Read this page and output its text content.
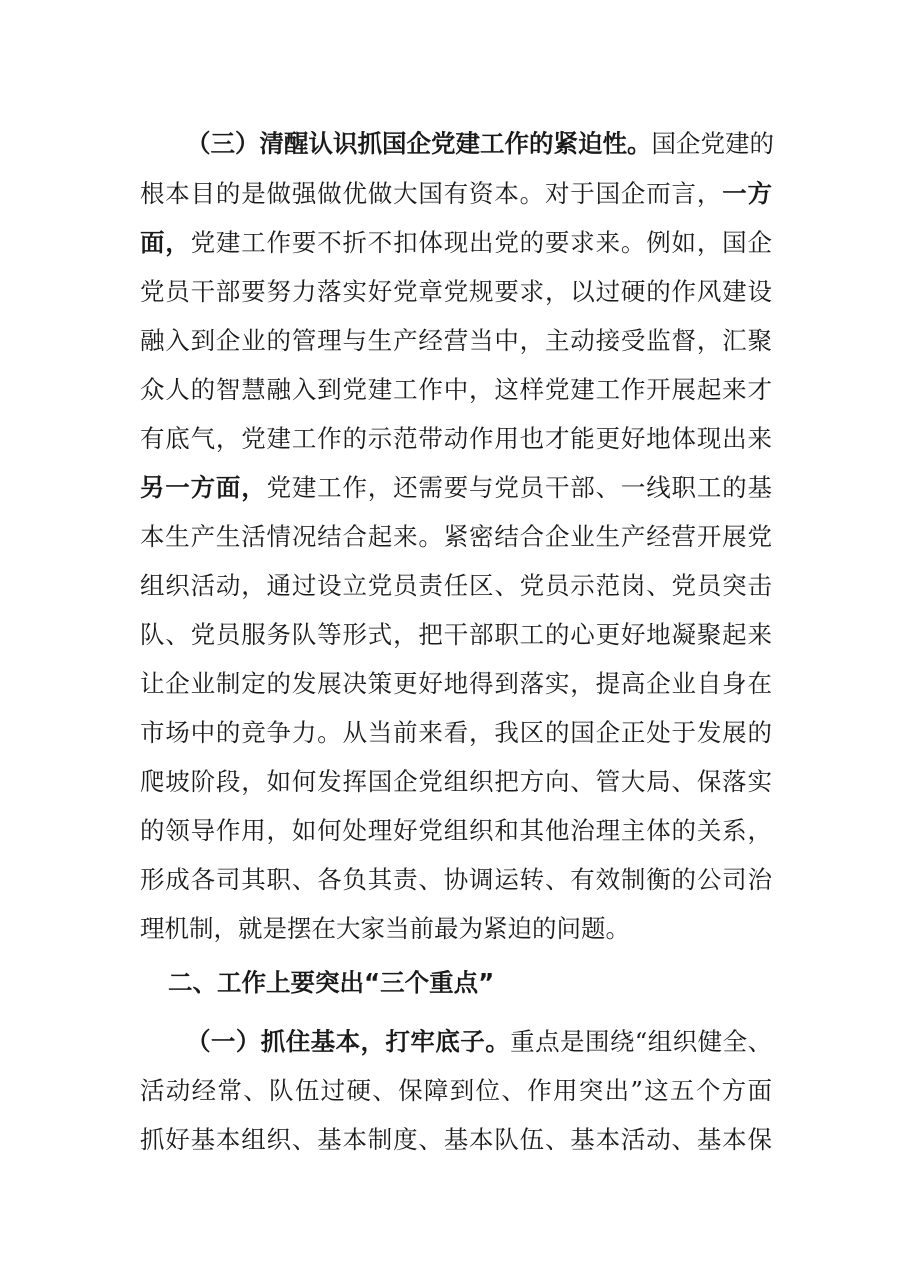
（三）清醒认识抓国企党建工作的紧迫性。国企党建的
根本目的是做强做优做大国有资本。对于国企而言，一方
面，党建工作要不折不扣体现出党的要求来。例如，国企
党员干部要努力落实好党章党规要求，以过硬的作风建设
融入到企业的管理与生产经营当中，主动接受监督，汇聚
众人的智慧融入到党建工作中，这样党建工作开展起来才
有底气，党建工作的示范带动作用也才能更好地体现出来
另一方面，党建工作，还需要与党员干部、一线职工的基
本生产生活情况结合起来。紧密结合企业生产经营开展党
组织活动，通过设立党员责任区、党员示范岗、党员突击
队、党员服务队等形式，把干部职工的心更好地凝聚起来
让企业制定的发展决策更好地得到落实，提高企业自身在
市场中的竞争力。从当前来看，我区的国企正处于发展的
爬坡阶段，如何发挥国企党组织把方向、管大局、保落实
的领导作用，如何处理好党组织和其他治理主体的关系，
形成各司其职、各负其责、协调运转、有效制衡的公司治
理机制，就是摆在大家当前最为紧迫的问题。
二、工作上要突出“三个重点”
（一）抓住基本，打牢底子。重点是围绕“组织健全、
活动经常、队伍过硬、保障到位、作用突出”这五个方面
抓好基本组织、基本制度、基本队伍、基本活动、基本保
